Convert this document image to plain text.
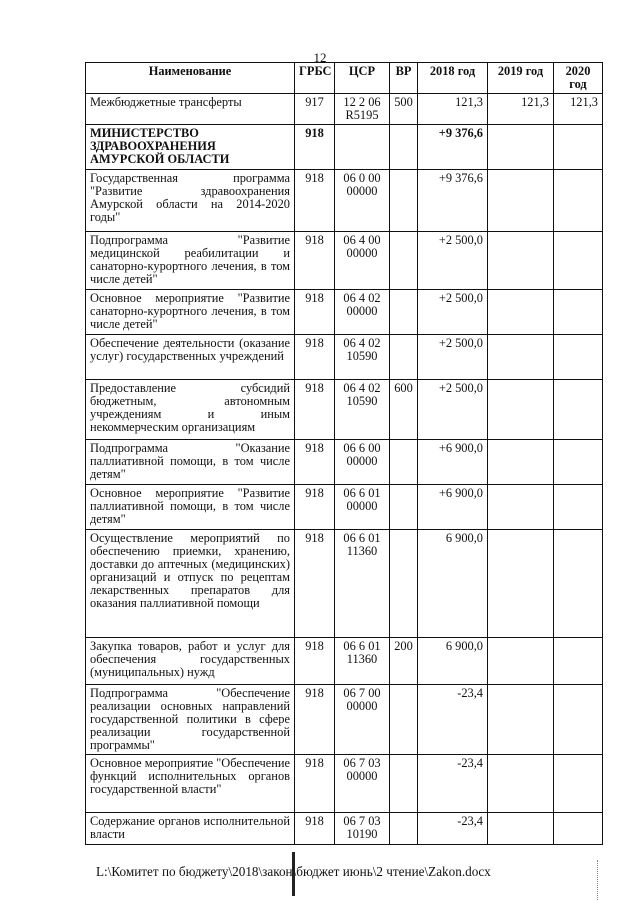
12
Наименование	ГРБС	ЦСР	ВР	2018 год	2019 год	2020 год
Межбюджетные трансферты	917	12 2 06 R5195	500	121,3	121,3	121,3
МИНИСТЕРСТВО ЗДРАВООХРАНЕНИЯ АМУРСКОЙ ОБЛАСТИ	918			+9 376,6		
Государственная программа "Развитие здравоохранения Амурской области на 2014-2020 годы"	918	06 0 00 00000		+9 376,6		
Подпрограмма "Развитие медицинской реабилитации и санаторно-курортного лечения, в том числе детей"	918	06 4 00 00000		+2 500,0		
Основное мероприятие "Развитие санаторно-курортного лечения, в том числе детей"	918	06 4 02 00000		+2 500,0		
Обеспечение деятельности (оказание услуг) государственных учреждений	918	06 4 02 10590		+2 500,0		
Предоставление субсидий бюджетным, автономным учреждениям и иным некоммерческим организациям	918	06 4 02 10590	600	+2 500,0		
Подпрограмма "Оказание паллиативной помощи, в том числе детям"	918	06 6 00 00000		+6 900,0		
Основное мероприятие "Развитие паллиативной помощи, в том числе детям"	918	06 6 01 00000		+6 900,0		
Осуществление мероприятий по обеспечению приемки, хранению, доставки до аптечных (медицинских) организаций и отпуск по рецептам лекарственных препаратов для оказания паллиативной помощи	918	06 6 01 11360		6 900,0		
Закупка товаров, работ и услуг для обеспечения государственных (муниципальных) нужд	918	06 6 01 11360	200	6 900,0		
Подпрограмма "Обеспечение реализации основных направлений государственной политики в сфере реализации государственной программы"	918	06 7 00 00000		-23,4		
Основное мероприятие "Обеспечение функций исполнительных органов государственной власти"	918	06 7 03 00000		-23,4		
Содержание органов исполнительной власти	918	06 7 03 10190		-23,4		
L:\Комитет по бюджету\2018\закон\бюджет июнь\2 чтение\Zakon.docx
